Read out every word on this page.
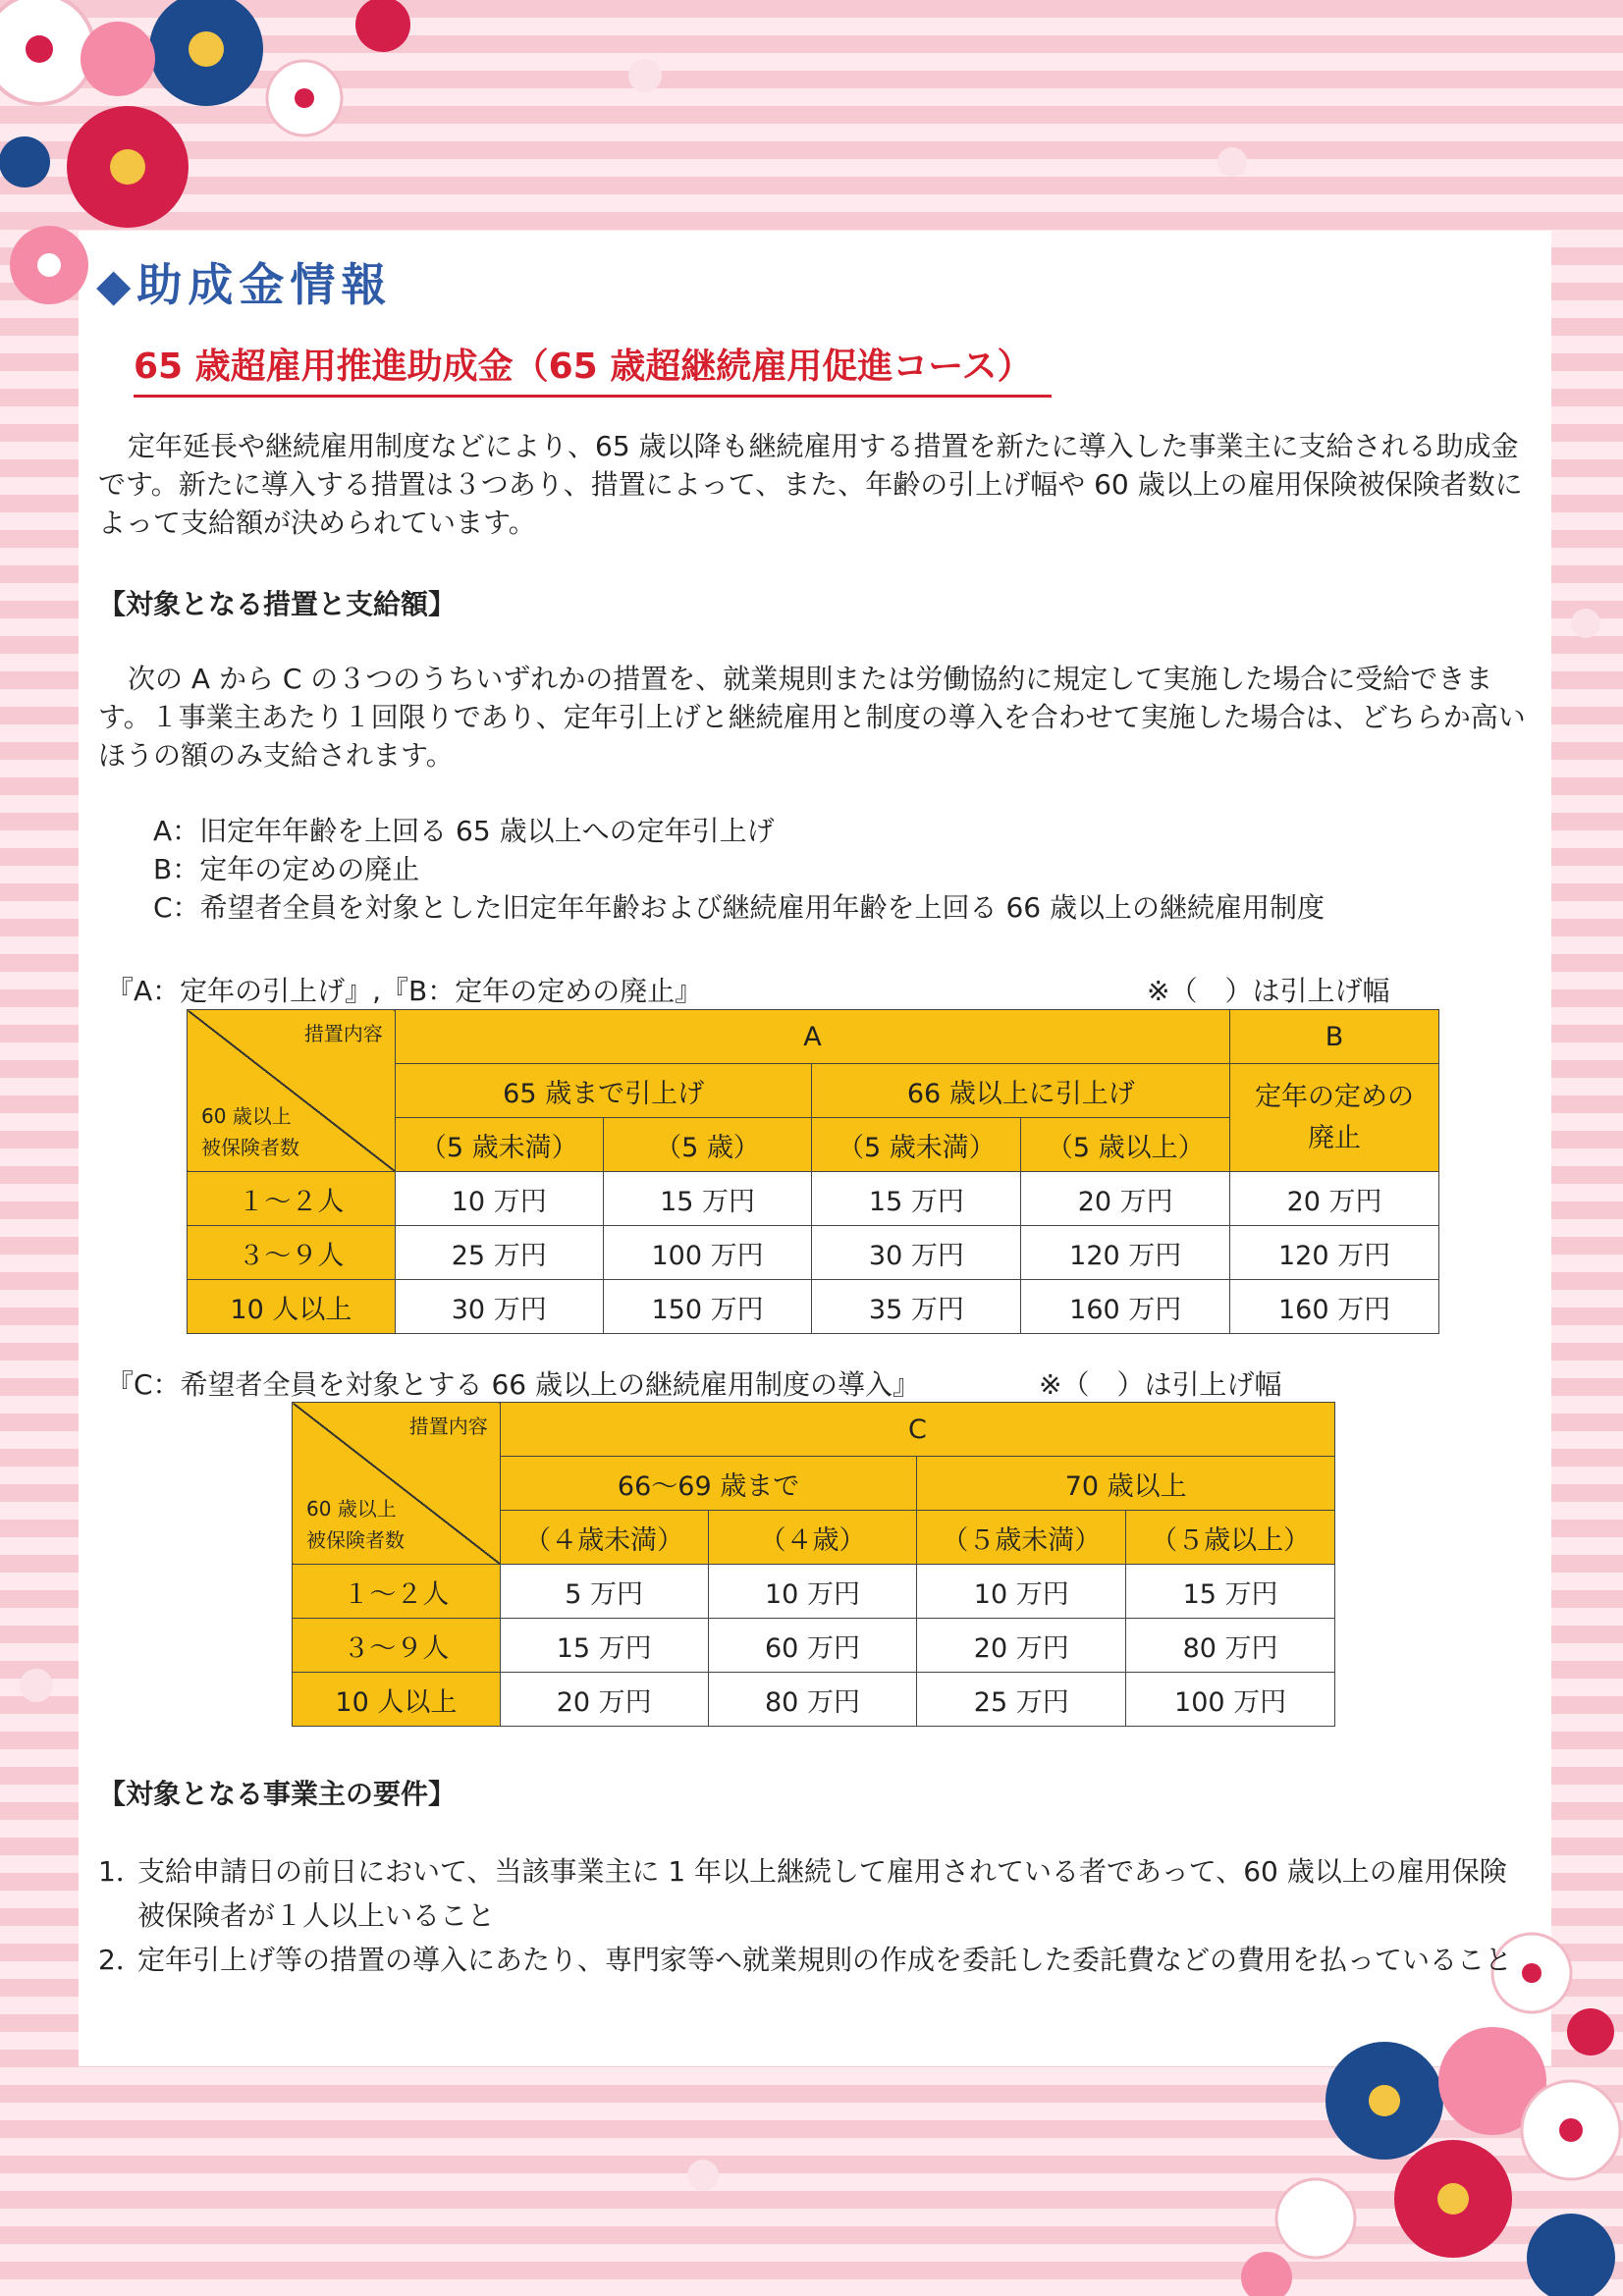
◆助成金情報
65 歳超雇用推進助成金（65 歳超継続雇用促進コース）

定年延長や継続雇用制度などにより、65 歳以降も継続雇用する措置を新たに導入した事業主に支給される助成金です。新たに導入する措置は３つあり、措置によって、また、年齢の引上げ幅や 60 歳以上の雇用保険被保険者数によって支給額が決められています。

【対象となる措置と支給額】

次の A から C の３つのうちいずれかの措置を、就業規則または労働協約に規定して実施した場合に受給できます。１事業主あたり１回限りであり、定年引上げと継続雇用と制度の導入を合わせて実施した場合は、どちらか高いほうの額のみ支給されます。

A：旧定年年齢を上回る 65 歳以上への定年引上げ
B：定年の定めの廃止
C：希望者全員を対象とした旧定年年齢および継続雇用年齢を上回る 66 歳以上の継続雇用制度
『A：定年の引上げ』,『B：定年の定めの廃止』	※（　）は引上げ幅
措置内容
60 歳以上
被保険者数	A				B
	65 歳まで引上げ		66 歳以上に引上げ		定年の定めの廃止
	（5 歳未満）	（5 歳）	（5 歳未満）	（5 歳以上）	
１～２人	10 万円	15 万円	15 万円	20 万円	20 万円
３～９人	25 万円	100 万円	30 万円	120 万円	120 万円
10 人以上	30 万円	150 万円	35 万円	160 万円	160 万円
『C：希望者全員を対象とする 66 歳以上の継続雇用制度の導入』	※（　）は引上げ幅
措置内容
60 歳以上
被保険者数	C			
	66～69 歳まで		70 歳以上	
	（４歳未満）	（４歳）	（５歳未満）	（５歳以上）
１～２人	5 万円	10 万円	10 万円	15 万円
３～９人	15 万円	60 万円	20 万円	80 万円
10 人以上	20 万円	80 万円	25 万円	100 万円
【対象となる事業主の要件】
1．
支給申請日の前日において、当該事業主に 1 年以上継続して雇用されている者であって、60 歳以上の雇用保険被保険者が１人以上いること
2．
定年引上げ等の措置の導入にあたり、専門家等へ就業規則の作成を委託した委託費などの費用を払っていること
